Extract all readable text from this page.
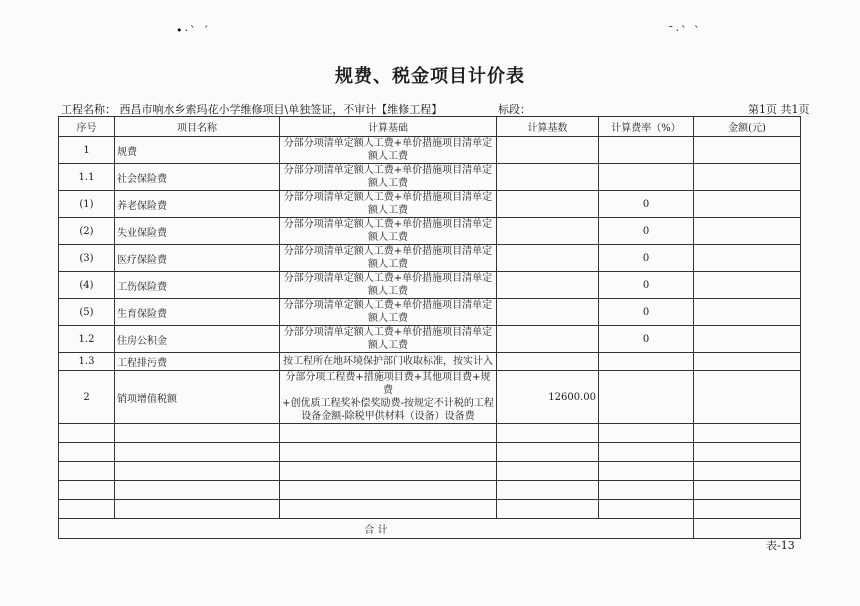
•·ˋ ˊ	ˉ·ˋ ˋ
规费、税金项目计价表
工程名称： 西昌市响水乡索玛花小学维修项目\单独签证，不审计【维修工程】	标段：	第1页 共1页
序号	项目名称	计算基础	计算基数	计算费率（%）	金额(元)
1	规费	分部分项清单定额人工费+单价措施项目清单定
额人工费			
1.1	社会保险费	分部分项清单定额人工费+单价措施项目清单定
额人工费			
(1)	养老保险费	分部分项清单定额人工费+单价措施项目清单定
额人工费		0	
(2)	失业保险费	分部分项清单定额人工费+单价措施项目清单定
额人工费		0	
(3)	医疗保险费	分部分项清单定额人工费+单价措施项目清单定
额人工费		0	
(4)	工伤保险费	分部分项清单定额人工费+单价措施项目清单定
额人工费		0	
(5)	生育保险费	分部分项清单定额人工费+单价措施项目清单定
额人工费		0	
1.2	住房公积金	分部分项清单定额人工费+单价措施项目清单定
额人工费		0	
1.3	工程排污费	按工程所在地环境保护部门收取标准，按实计入			
2	销项增值税额	分部分项工程费+措施项目费+其他项目费+规费
+创优质工程奖补偿奖励费-按规定不计税的工程
设备金额-除税甲供材料（设备）设备费	12600.00		

合 计					
表-13
